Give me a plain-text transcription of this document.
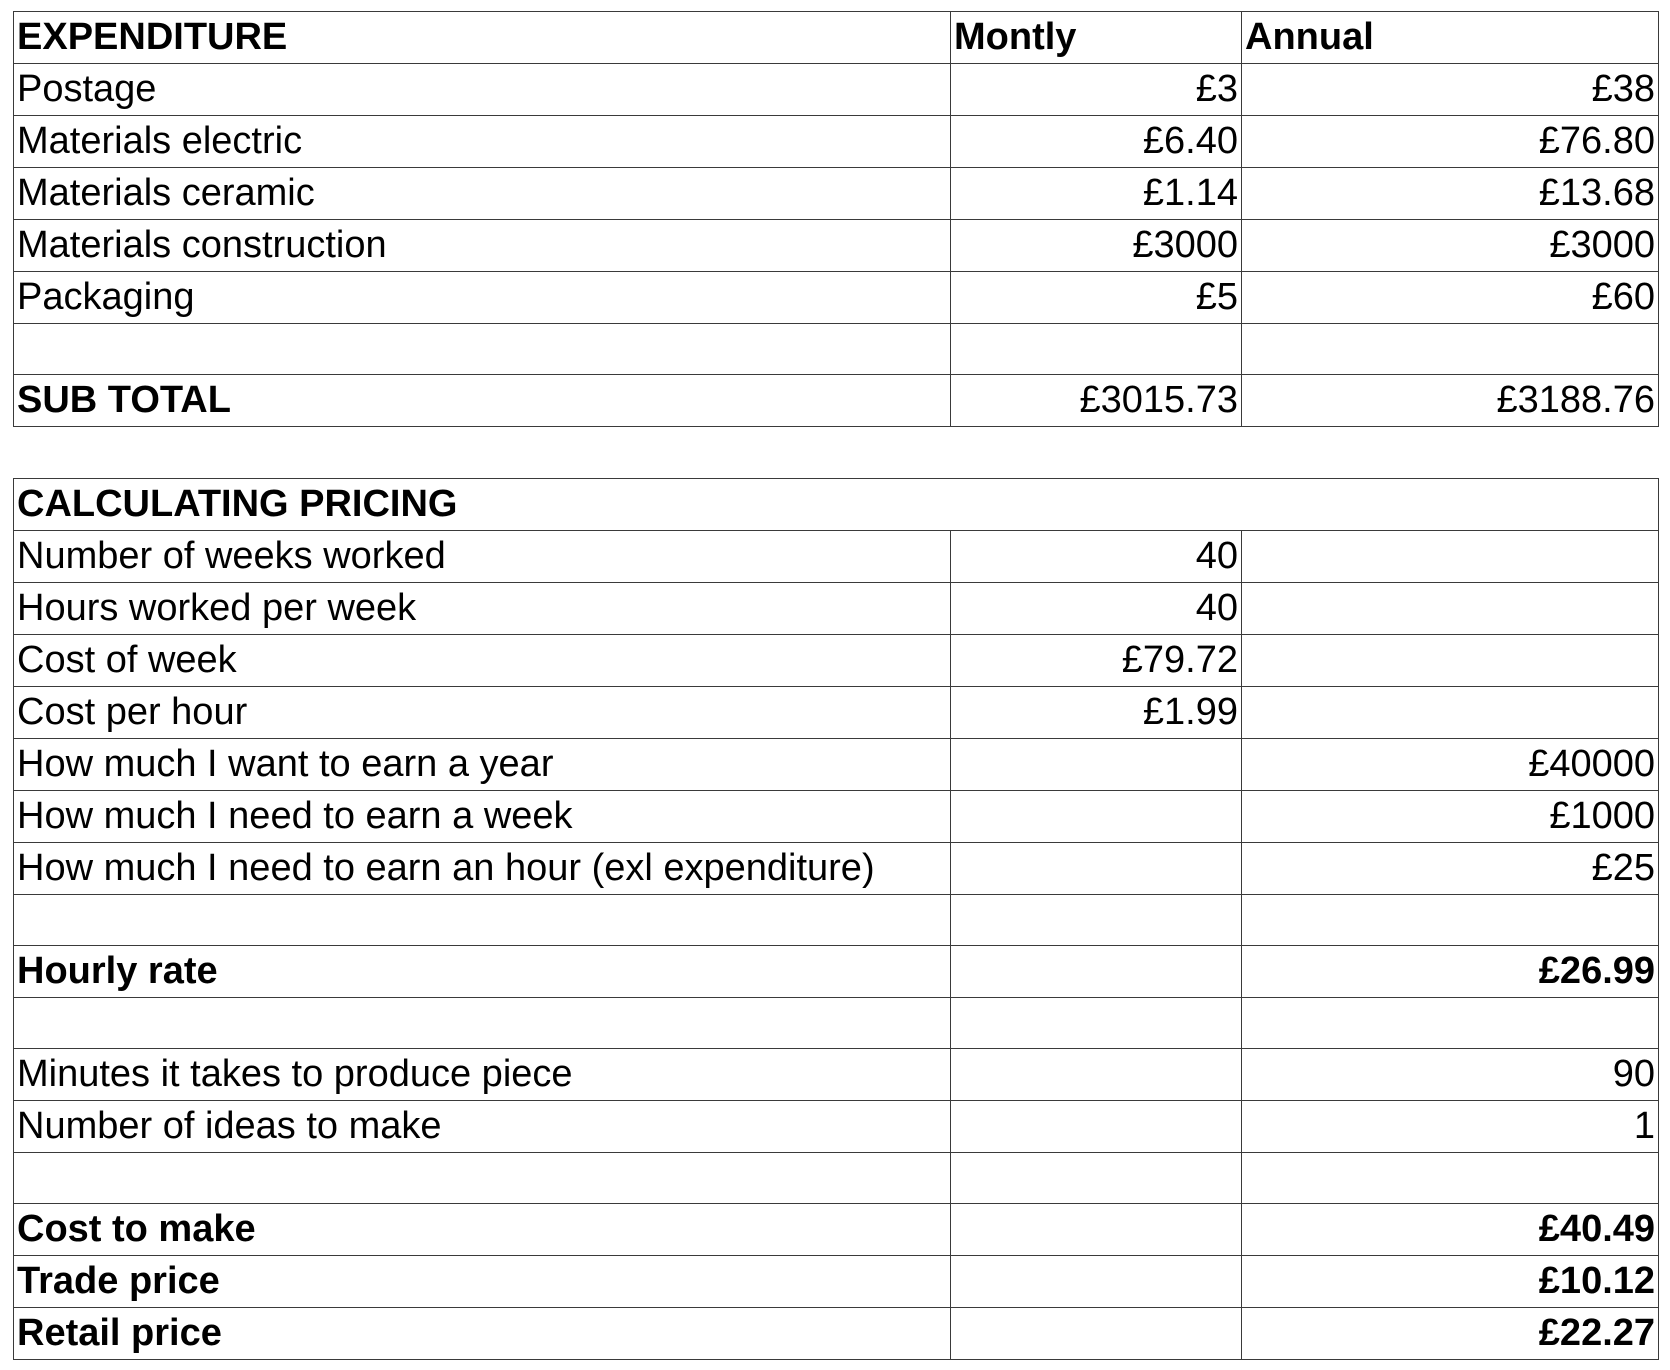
EXPENDITURE	Montly	Annual
Postage	£3	£38
Materials electric	£6.40	£76.80
Materials ceramic	£1.14	£13.68
Materials construction	£3000	£3000
Packaging	£5	£60

SUB TOTAL	£3015.73	£3188.76
CALCULATING PRICING		
Number of weeks worked	40	
Hours worked per week	40	
Cost of week	£79.72	
Cost per hour	£1.99	
How much I want to earn a year		£40000
How much I need to earn a week		£1000
How much I need to earn an hour (exl expenditure)		£25

Hourly rate		£26.99

Minutes it takes to produce piece		90
Number of ideas to make		1

Cost to make		£40.49
Trade price		£10.12
Retail price		£22.27
